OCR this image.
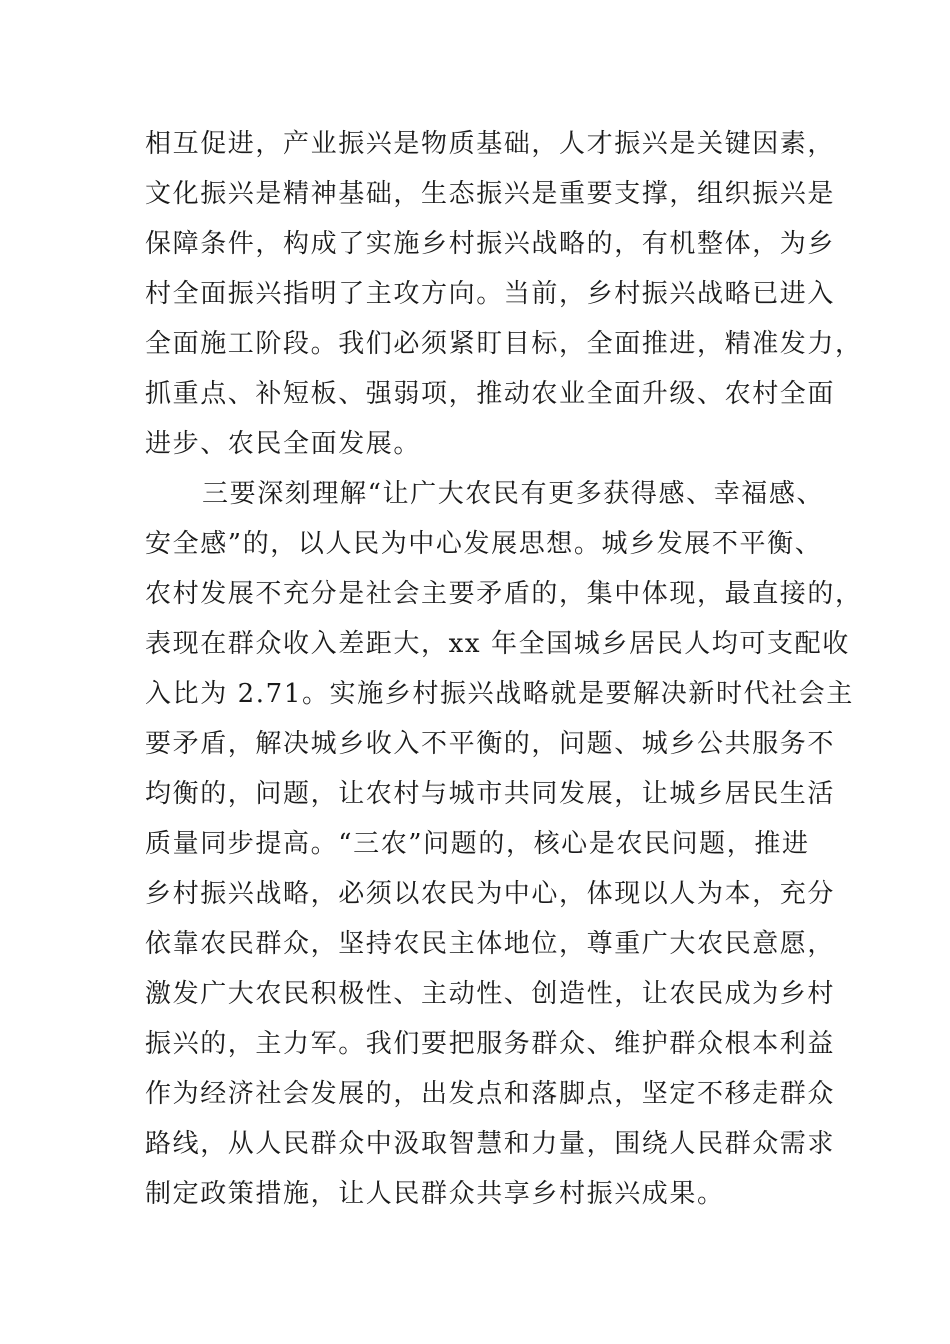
相互促进，产业振兴是物质基础，人才振兴是关键因素，
文化振兴是精神基础，生态振兴是重要支撑，组织振兴是
保障条件，构成了实施乡村振兴战略的，有机整体，为乡
村全面振兴指明了主攻方向。当前，乡村振兴战略已进入
全面施工阶段。我们必须紧盯目标，全面推进，精准发力，
抓重点、补短板、强弱项，推动农业全面升级、农村全面
进步、农民全面发展。
三要深刻理解“让广大农民有更多获得感、幸福感、
安全感”的，以人民为中心发展思想。城乡发展不平衡、
农村发展不充分是社会主要矛盾的，集中体现，最直接的，
表现在群众收入差距大，xx 年全国城乡居民人均可支配收
入比为 2.71。实施乡村振兴战略就是要解决新时代社会主
要矛盾，解决城乡收入不平衡的，问题、城乡公共服务不
均衡的，问题，让农村与城市共同发展，让城乡居民生活
质量同步提高。“三农”问题的，核心是农民问题，推进
乡村振兴战略，必须以农民为中心，体现以人为本，充分
依靠农民群众，坚持农民主体地位，尊重广大农民意愿，
激发广大农民积极性、主动性、创造性，让农民成为乡村
振兴的，主力军。我们要把服务群众、维护群众根本利益
作为经济社会发展的，出发点和落脚点，坚定不移走群众
路线，从人民群众中汲取智慧和力量，围绕人民群众需求
制定政策措施，让人民群众共享乡村振兴成果。
